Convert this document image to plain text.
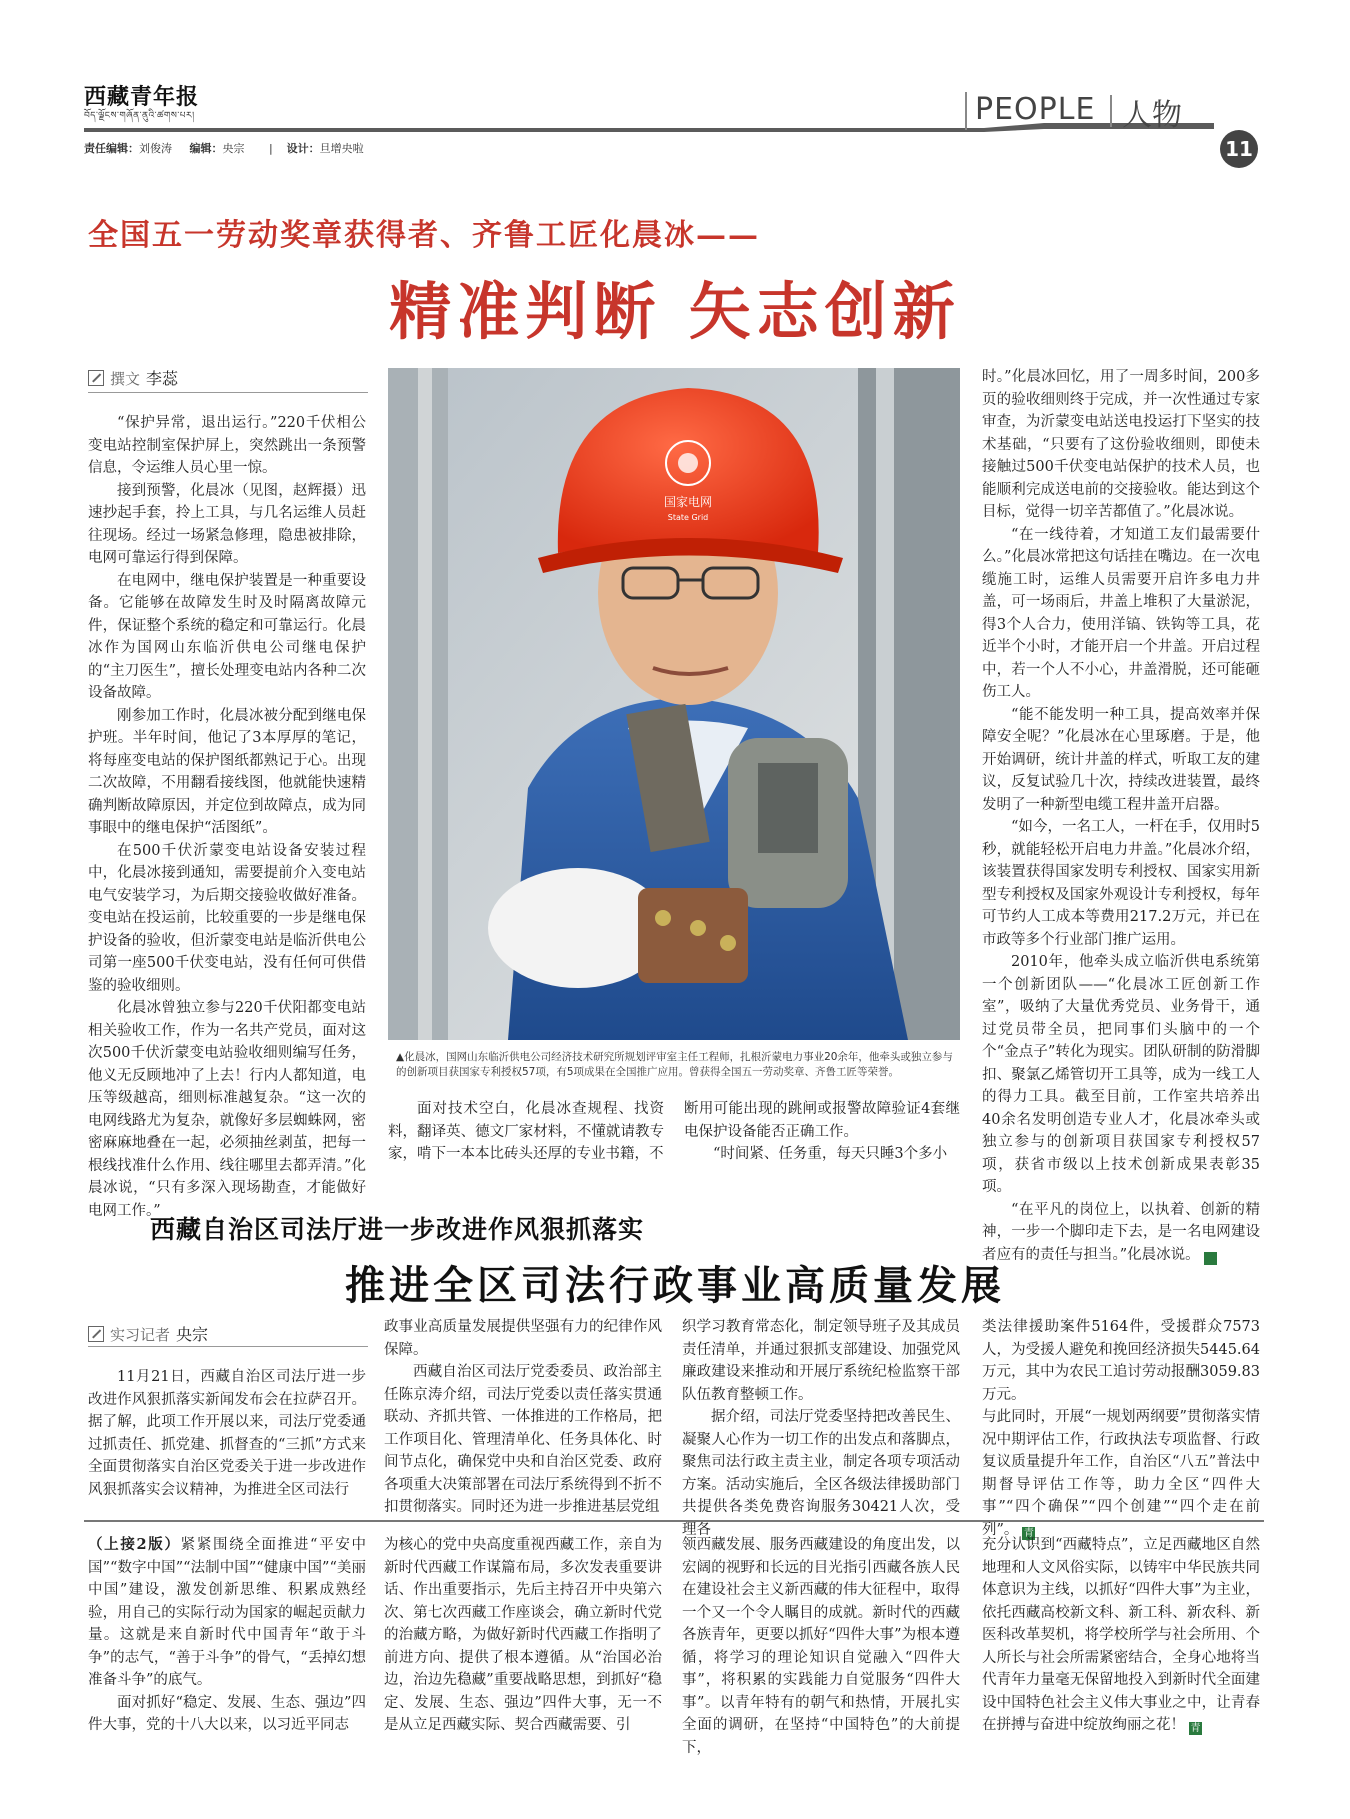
西藏青年报
བོད་ལྗོངས་གཞོན་ནུའི་ཚགས་པར།	PEOPLE 人物
11
责任编辑：刘俊涛 编辑：央宗       |    设计：旦增央啦
全国五一劳动奖章获得者、齐鲁工匠化晨冰——
精准判断 矢志创新
撰文 李蕊

“保护异常，退出运行。”220千伏相公变电站控制室保护屏上，突然跳出一条预警信息，令运维人员心里一惊。

接到预警，化晨冰（见图，赵辉摄）迅速抄起手套，拎上工具，与几名运维人员赶往现场。经过一场紧急修理，隐患被排除，电网可靠运行得到保障。

在电网中，继电保护装置是一种重要设备。它能够在故障发生时及时隔离故障元件，保证整个系统的稳定和可靠运行。化晨冰作为国网山东临沂供电公司继电保护的“主刀医生”，擅长处理变电站内各种二次设备故障。

刚参加工作时，化晨冰被分配到继电保护班。半年时间，他记了3本厚厚的笔记，将每座变电站的保护图纸都熟记于心。出现二次故障，不用翻看接线图，他就能快速精确判断故障原因，并定位到故障点，成为同事眼中的继电保护“活图纸”。

在500千伏沂蒙变电站设备安装过程中，化晨冰接到通知，需要提前介入变电站电气安装学习，为后期交接验收做好准备。变电站在投运前，比较重要的一步是继电保护设备的验收，但沂蒙变电站是临沂供电公司第一座500千伏变电站，没有任何可供借鉴的验收细则。

化晨冰曾独立参与220千伏阳都变电站相关验收工作，作为一名共产党员，面对这次500千伏沂蒙变电站验收细则编写任务，他义无反顾地冲了上去！行内人都知道，电压等级越高，细则标准越复杂。“这一次的电网线路尤为复杂，就像好多层蜘蛛网，密密麻麻地叠在一起，必须抽丝剥茧，把每一根线找准什么作用、线往哪里去都弄清。”化晨冰说，“只有多深入现场勘查，才能做好电网工作。”

国家电网
State Grid
▲化晨冰，国网山东临沂供电公司经济技术研究所规划评审室主任工程师，扎根沂蒙电力事业20余年，他牵头或独立参与的创新项目获国家专利授权57项，有5项成果在全国推广应用。曾获得全国五一劳动奖章、齐鲁工匠等荣誉。

面对技术空白，化晨冰查规程、找资料，翻译英、德文厂家材料，不懂就请教专家，啃下一本本比砖头还厚的专业书籍，不

断用可能出现的跳闸或报警故障验证4套继电保护设备能否正确工作。

“时间紧、任务重，每天只睡3个多小

时。”化晨冰回忆，用了一周多时间，200多页的验收细则终于完成，并一次性通过专家审查，为沂蒙变电站送电投运打下坚实的技术基础，“只要有了这份验收细则，即使未接触过500千伏变电站保护的技术人员，也能顺利完成送电前的交接验收。能达到这个目标，觉得一切辛苦都值了。”化晨冰说。

“在一线待着，才知道工友们最需要什么。”化晨冰常把这句话挂在嘴边。在一次电缆施工时，运维人员需要开启许多电力井盖，可一场雨后，井盖上堆积了大量淤泥，得3个人合力，使用洋镐、铁钩等工具，花近半个小时，才能开启一个井盖。开启过程中，若一个人不小心，井盖滑脱，还可能砸伤工人。

“能不能发明一种工具，提高效率并保障安全呢？”化晨冰在心里琢磨。于是，他开始调研，统计井盖的样式，听取工友的建议，反复试验几十次，持续改进装置，最终发明了一种新型电缆工程井盖开启器。

“如今，一名工人，一杆在手，仅用时5秒，就能轻松开启电力井盖。”化晨冰介绍，该装置获得国家发明专利授权、国家实用新型专利授权及国家外观设计专利授权，每年可节约人工成本等费用217.2万元，并已在市政等多个行业部门推广运用。

2010年，他牵头成立临沂供电系统第一个创新团队——“化晨冰工匠创新工作室”，吸纳了大量优秀党员、业务骨干，通过党员带全员，把同事们头脑中的一个个“金点子”转化为现实。团队研制的防滑脚扣、聚氯乙烯管切开工具等，成为一线工人的得力工具。截至目前，工作室共培养出40余名发明创造专业人才，化晨冰牵头或独立参与的创新项目获国家专利授权57项，获省市级以上技术创新成果表彰35项。

“在平凡的岗位上，以执着、创新的精神，一步一个脚印走下去，是一名电网建设者应有的责任与担当。”化晨冰说。	青

西藏自治区司法厅进一步改进作风狠抓落实
推进全区司法行政事业高质量发展
实习记者 央宗

11月21日，西藏自治区司法厅进一步改进作风狠抓落实新闻发布会在拉萨召开。据了解，此项工作开展以来，司法厅党委通过抓责任、抓党建、抓督查的“三抓”方式来全面贯彻落实自治区党委关于进一步改进作风狠抓落实会议精神，为推进全区司法行

政事业高质量发展提供坚强有力的纪律作风保障。

西藏自治区司法厅党委委员、政治部主任陈京涛介绍，司法厅党委以责任落实贯通联动、齐抓共管、一体推进的工作格局，把工作项目化、管理清单化、任务具体化、时间节点化，确保党中央和自治区党委、政府各项重大决策部署在司法厅系统得到不折不扣贯彻落实。同时还为进一步推进基层党组

织学习教育常态化，制定领导班子及其成员责任清单，并通过狠抓支部建设、加强党风廉政建设来推动和开展厅系统纪检监察干部队伍教育整顿工作。

据介绍，司法厅党委坚持把改善民生、凝聚人心作为一切工作的出发点和落脚点，聚焦司法行政主责主业，制定各项专项活动方案。活动实施后，全区各级法律援助部门共提供各类免费咨询服务30421人次，受理各

类法律援助案件5164件，受援群众7573人，为受援人避免和挽回经济损失5445.64万元，其中为农民工追讨劳动报酬3059.83万元。

与此同时，开展“一规划两纲要”贯彻落实情况中期评估工作，行政执法专项监督、行政复议质量提升年工作，自治区“八五”普法中期督导评估工作等，助力全区“四件大事”“四个确保”“四个创建”“四个走在前列”。 青

（上接2版）紧紧围绕全面推进“平安中国”“数字中国”“法制中国”“健康中国”“美丽中国”建设，激发创新思维、积累成熟经验，用自己的实际行动为国家的崛起贡献力量。这就是来自新时代中国青年“敢于斗争”的志气，“善于斗争”的骨气，“丢掉幻想 准备斗争”的底气。

面对抓好“稳定、发展、生态、强边”四件大事，党的十八大以来，以习近平同志

为核心的党中央高度重视西藏工作，亲自为新时代西藏工作谋篇布局，多次发表重要讲话、作出重要指示，先后主持召开中央第六次、第七次西藏工作座谈会，确立新时代党的治藏方略，为做好新时代西藏工作指明了前进方向、提供了根本遵循。从“治国必治边，治边先稳藏”重要战略思想，到抓好“稳定、发展、生态、强边”四件大事，无一不是从立足西藏实际、契合西藏需要、引

领西藏发展、服务西藏建设的角度出发，以宏阔的视野和长远的目光指引西藏各族人民在建设社会主义新西藏的伟大征程中，取得一个又一个令人瞩目的成就。新时代的西藏各族青年，更要以抓好“四件大事”为根本遵循，将学习的理论知识自觉融入“四件大事”，将积累的实践能力自觉服务“四件大事”。以青年特有的朝气和热情，开展扎实全面的调研，在坚持“中国特色”的大前提下，

充分认识到“西藏特点”，立足西藏地区自然地理和人文风俗实际，以铸牢中华民族共同体意识为主线，以抓好“四件大事”为主业，依托西藏高校新文科、新工科、新农科、新医科改革契机，将学校所学与社会所用、个人所长与社会所需紧密结合，全身心地将当代青年力量毫无保留地投入到新时代全面建设中国特色社会主义伟大事业之中，让青春在拼搏与奋进中绽放绚丽之花！ 青
